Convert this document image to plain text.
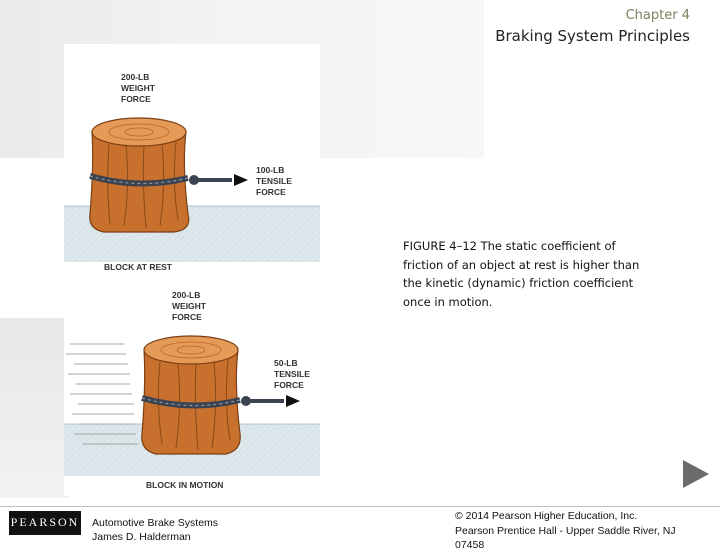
Chapter 4
Braking System Principles
200-LB
WEIGHT
FORCE
100-LB
TENSILE
FORCE
BLOCK AT REST
200-LB
WEIGHT
FORCE
50-LB
TENSILE
FORCE
BLOCK IN MOTION
FIGURE 4–12 The static coefficient of friction of an object at rest is higher than the kinetic (dynamic) friction coefficient once in motion.
PEARSON Automotive Brake Systems
James D. Halderman
© 2014 Pearson Higher Education, Inc.
Pearson Prentice Hall - Upper Saddle River, NJ
07458
